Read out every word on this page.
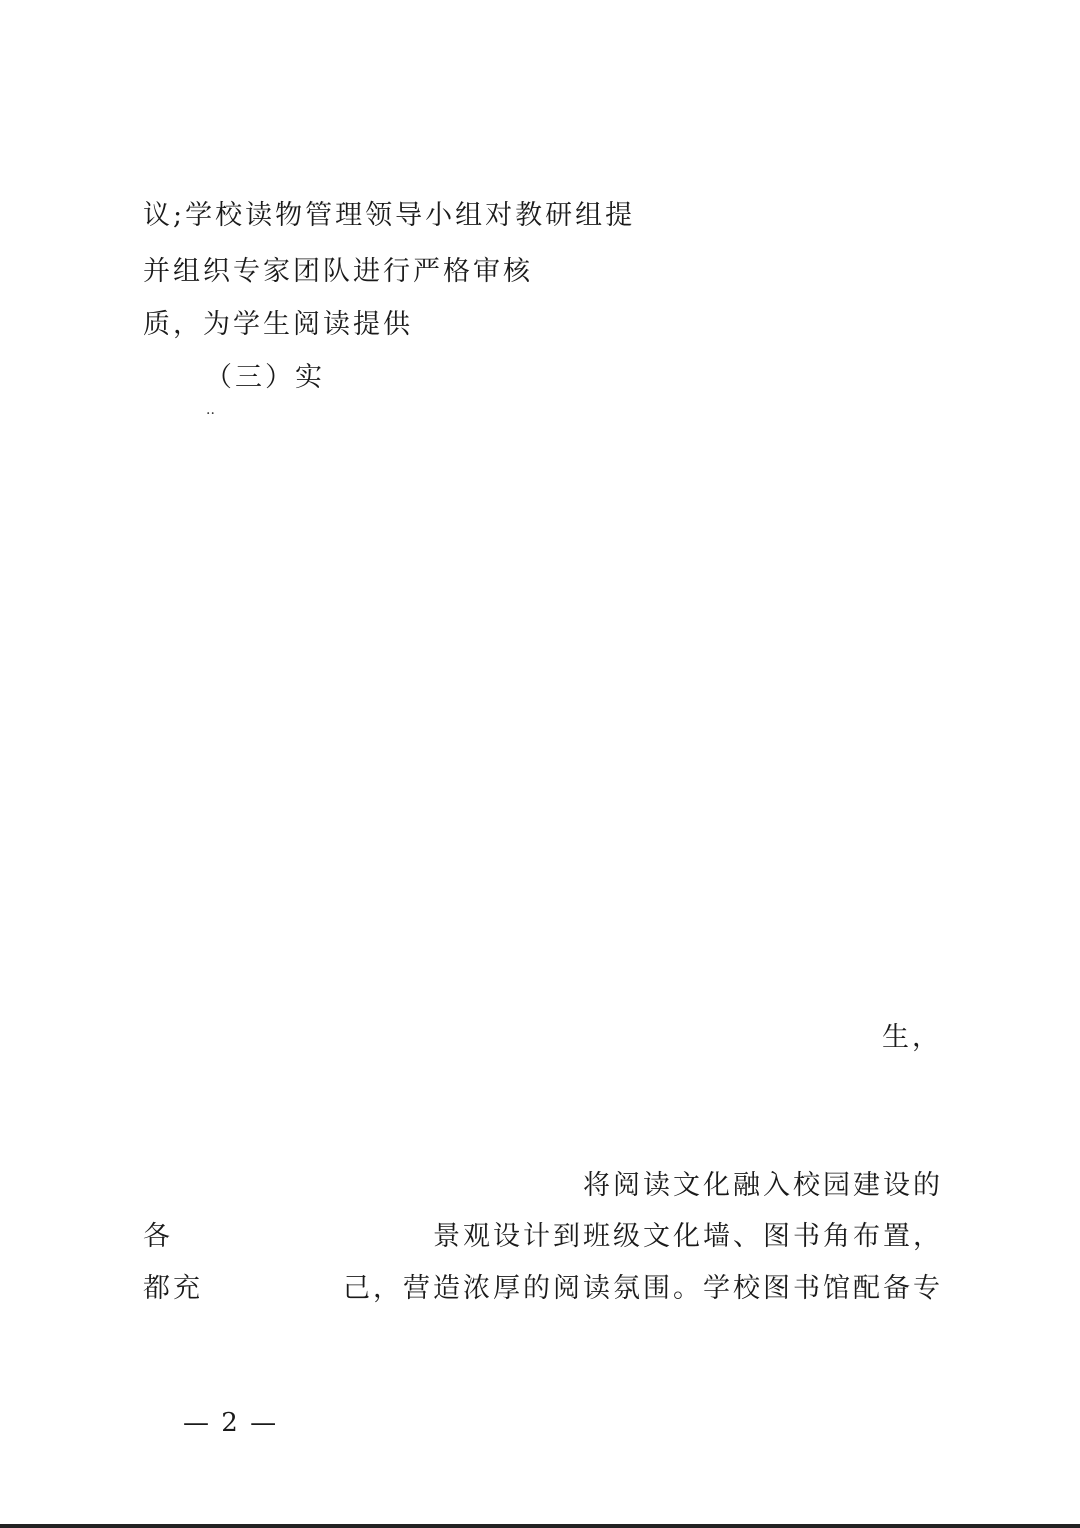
议;学校读物管理领导小组对教研组提
并组织专家团队进行严格审核
质，为学生阅读提供
（三）实
··
生，
将阅读文化融入校园建设的
各	景观设计到班级文化墙、图书角布置，
都充	己，营造浓厚的阅读氛围。学校图书馆配备专
— 2 —
